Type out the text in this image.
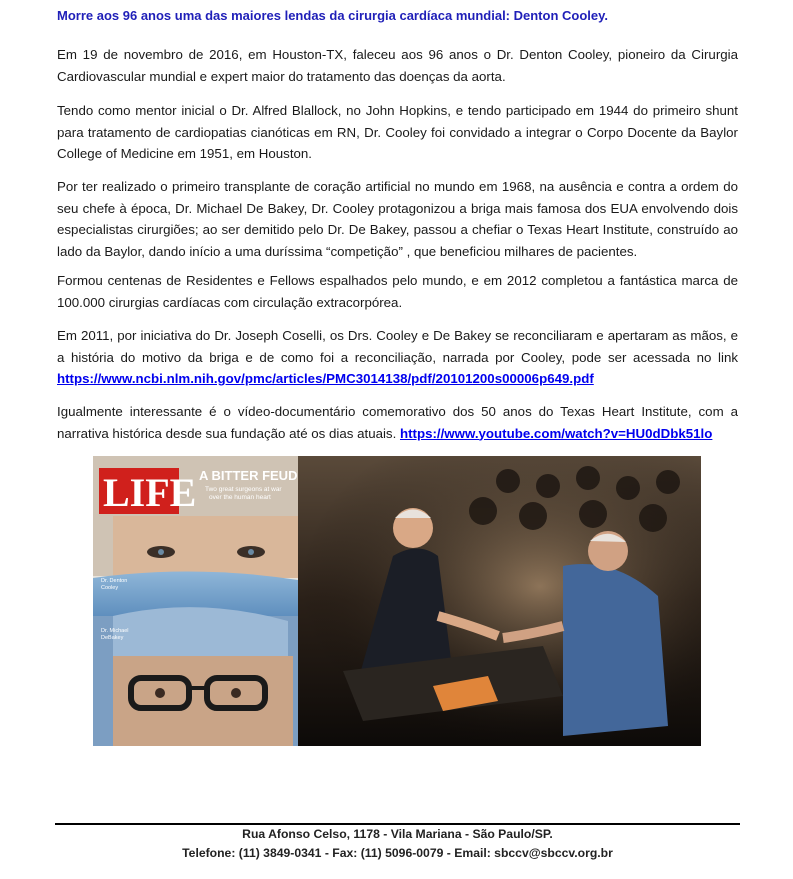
Morre aos 96 anos uma das maiores lendas da cirurgia cardíaca mundial: Denton Cooley.

Em 19 de novembro de 2016, em Houston-TX, faleceu aos 96 anos o Dr. Denton Cooley, pioneiro da Cirurgia Cardiovascular mundial e expert maior do tratamento das doenças da aorta.

Tendo como mentor inicial o Dr. Alfred Blallock, no John Hopkins, e tendo participado em 1944 do primeiro shunt para tratamento de cardiopatias cianóticas em RN, Dr. Cooley foi convidado a integrar o Corpo Docente da Baylor College of Medicine em 1951, em Houston.

Por ter realizado o primeiro transplante de coração artificial no mundo em 1968, na ausência e contra a ordem do seu chefe à época, Dr. Michael De Bakey, Dr. Cooley protagonizou a briga mais famosa dos EUA envolvendo dois especialistas cirurgiões; ao ser demitido pelo Dr. De Bakey, passou a chefiar o Texas Heart Institute, construído ao lado da Baylor, dando início a uma duríssima “competição” , que beneficiou milhares de pacientes.

Formou centenas de Residentes e Fellows espalhados pelo mundo, e em 2012 completou a fantástica marca de 100.000 cirurgias cardíacas com circulação extracorpórea.

Em 2011, por iniciativa do Dr. Joseph Coselli, os Drs. Cooley e De Bakey se reconciliaram e apertaram as mãos, e a história do motivo da briga e de como foi a reconciliação, narrada por Cooley, pode ser acessada no link https://www.ncbi.nlm.nih.gov/pmc/articles/PMC3014138/pdf/20101200s00006p649.pdf

Igualmente interessante é o vídeo-documentário comemorativo dos 50 anos do Texas Heart Institute, com a narrativa histórica desde sua fundação até os dias atuais. https://www.youtube.com/watch?v=HU0dDbk51lo

LIFE A BITTER FEUD
Two great surgeons at war
over the human heart
Dr. Denton
Cooley
Dr. Michael
DeBakey
Rua Afonso Celso, 1178 - Vila Mariana - São Paulo/SP.
Telefone: (11) 3849-0341 - Fax: (11) 5096-0079 - Email: sbccv@sbccv.org.br
